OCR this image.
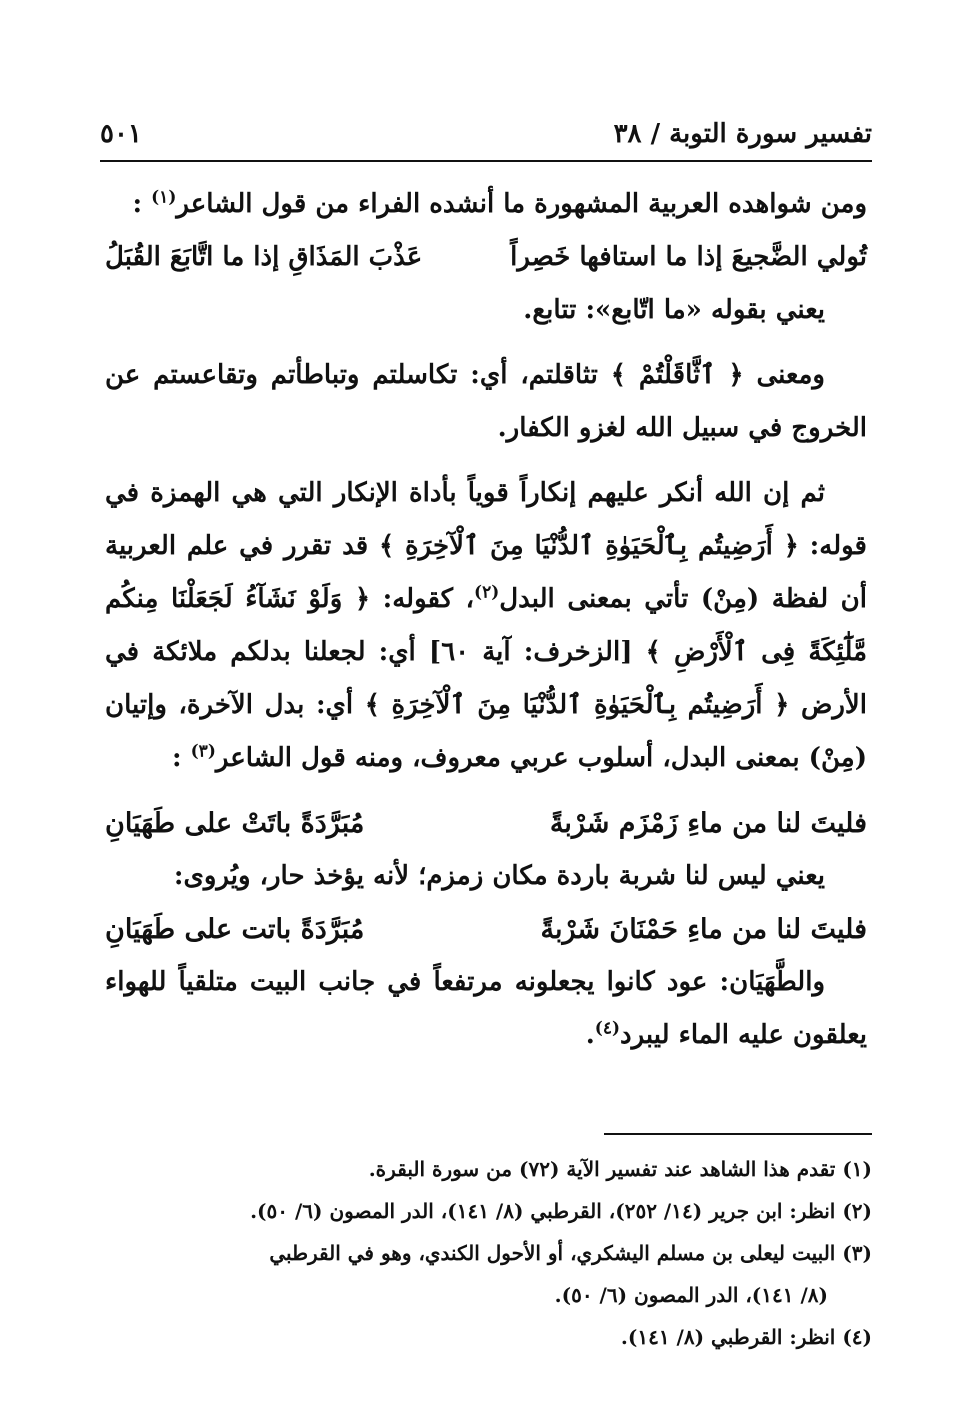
تفسير سورة التوبة / ٣٨
٥٠١

ومن شواهده العربية المشهورة ما أنشده الفراء من قول الشاعر$^{(١)}$ :

تُولي الضَّجيعَ إذا ما استافها خَصِراً
عَذْبَ المَذَاقِ إذا ما اتَّابَعَ القُبَلُ

يعني بقوله «ما اتّابع»: تتابع.

ومعنى ﴿ ٱثَّاقَلْتُمْ ﴾ تثاقلتم، أي: تكاسلتم وتباطأتم وتقاعستم عن الخروج في سبيل الله لغزو الكفار.

ثم إن الله أنكر عليهم إنكاراً قوياً بأداة الإنكار التي هي الهمزة في قوله: ﴿ أَرَضِيتُم بِٱلْحَيَوٰةِ ٱلدُّنْيَا مِنَ ٱلْآخِرَةِ ﴾ قد تقرر في علم العربية أن لفظة (مِنْ) تأتي بمعنى البدل$^{(٢)}$، كقوله: ﴿ وَلَوْ نَشَآءُ لَجَعَلْنَا مِنكُم مَّلَٰٓئِكَةً فِى ٱلْأَرْضِ ﴾ [الزخرف: آية ٦٠] أي: لجعلنا بدلكم ملائكة في الأرض ﴿ أَرَضِيتُم بِٱلْحَيَوٰةِ ٱلدُّنْيَا مِنَ ٱلْآخِرَةِ ﴾ أي: بدل الآخرة، وإتيان (مِنْ) بمعنى البدل، أسلوب عربي معروف، ومنه قول الشاعر$^{(٣)}$ :

فليتَ لنا من ماءِ زَمْزَم شَرْبةً
مُبَرَّدَةً باتَتْ على طَهَيَانِ

يعني ليس لنا شربة باردة مكان زمزم؛ لأنه يؤخذ حار، ويُروى:

فليتَ لنا من ماءِ حَمْنَانَ شَرْبةً
مُبَرَّدَةً باتت على طَهَيَانِ

والطَّهَيَان: عود كانوا يجعلونه مرتفعاً في جانب البيت متلقياً للهواء يعلقون عليه الماء ليبرد$^{(٤)}$.

(١) تقدم هذا الشاهد عند تفسير الآية (٧٢) من سورة البقرة.

(٢) انظر: ابن جرير (١٤/ ٢٥٢)، القرطبي (٨/ ١٤١)، الدر المصون (٦/ ٥٠).

(٣) البيت ليعلى بن مسلم اليشكري، أو الأحول الكندي، وهو في القرطبي

(٨/ ١٤١)، الدر المصون (٦/ ٥٠).

(٤) انظر: القرطبي (٨/ ١٤١).
